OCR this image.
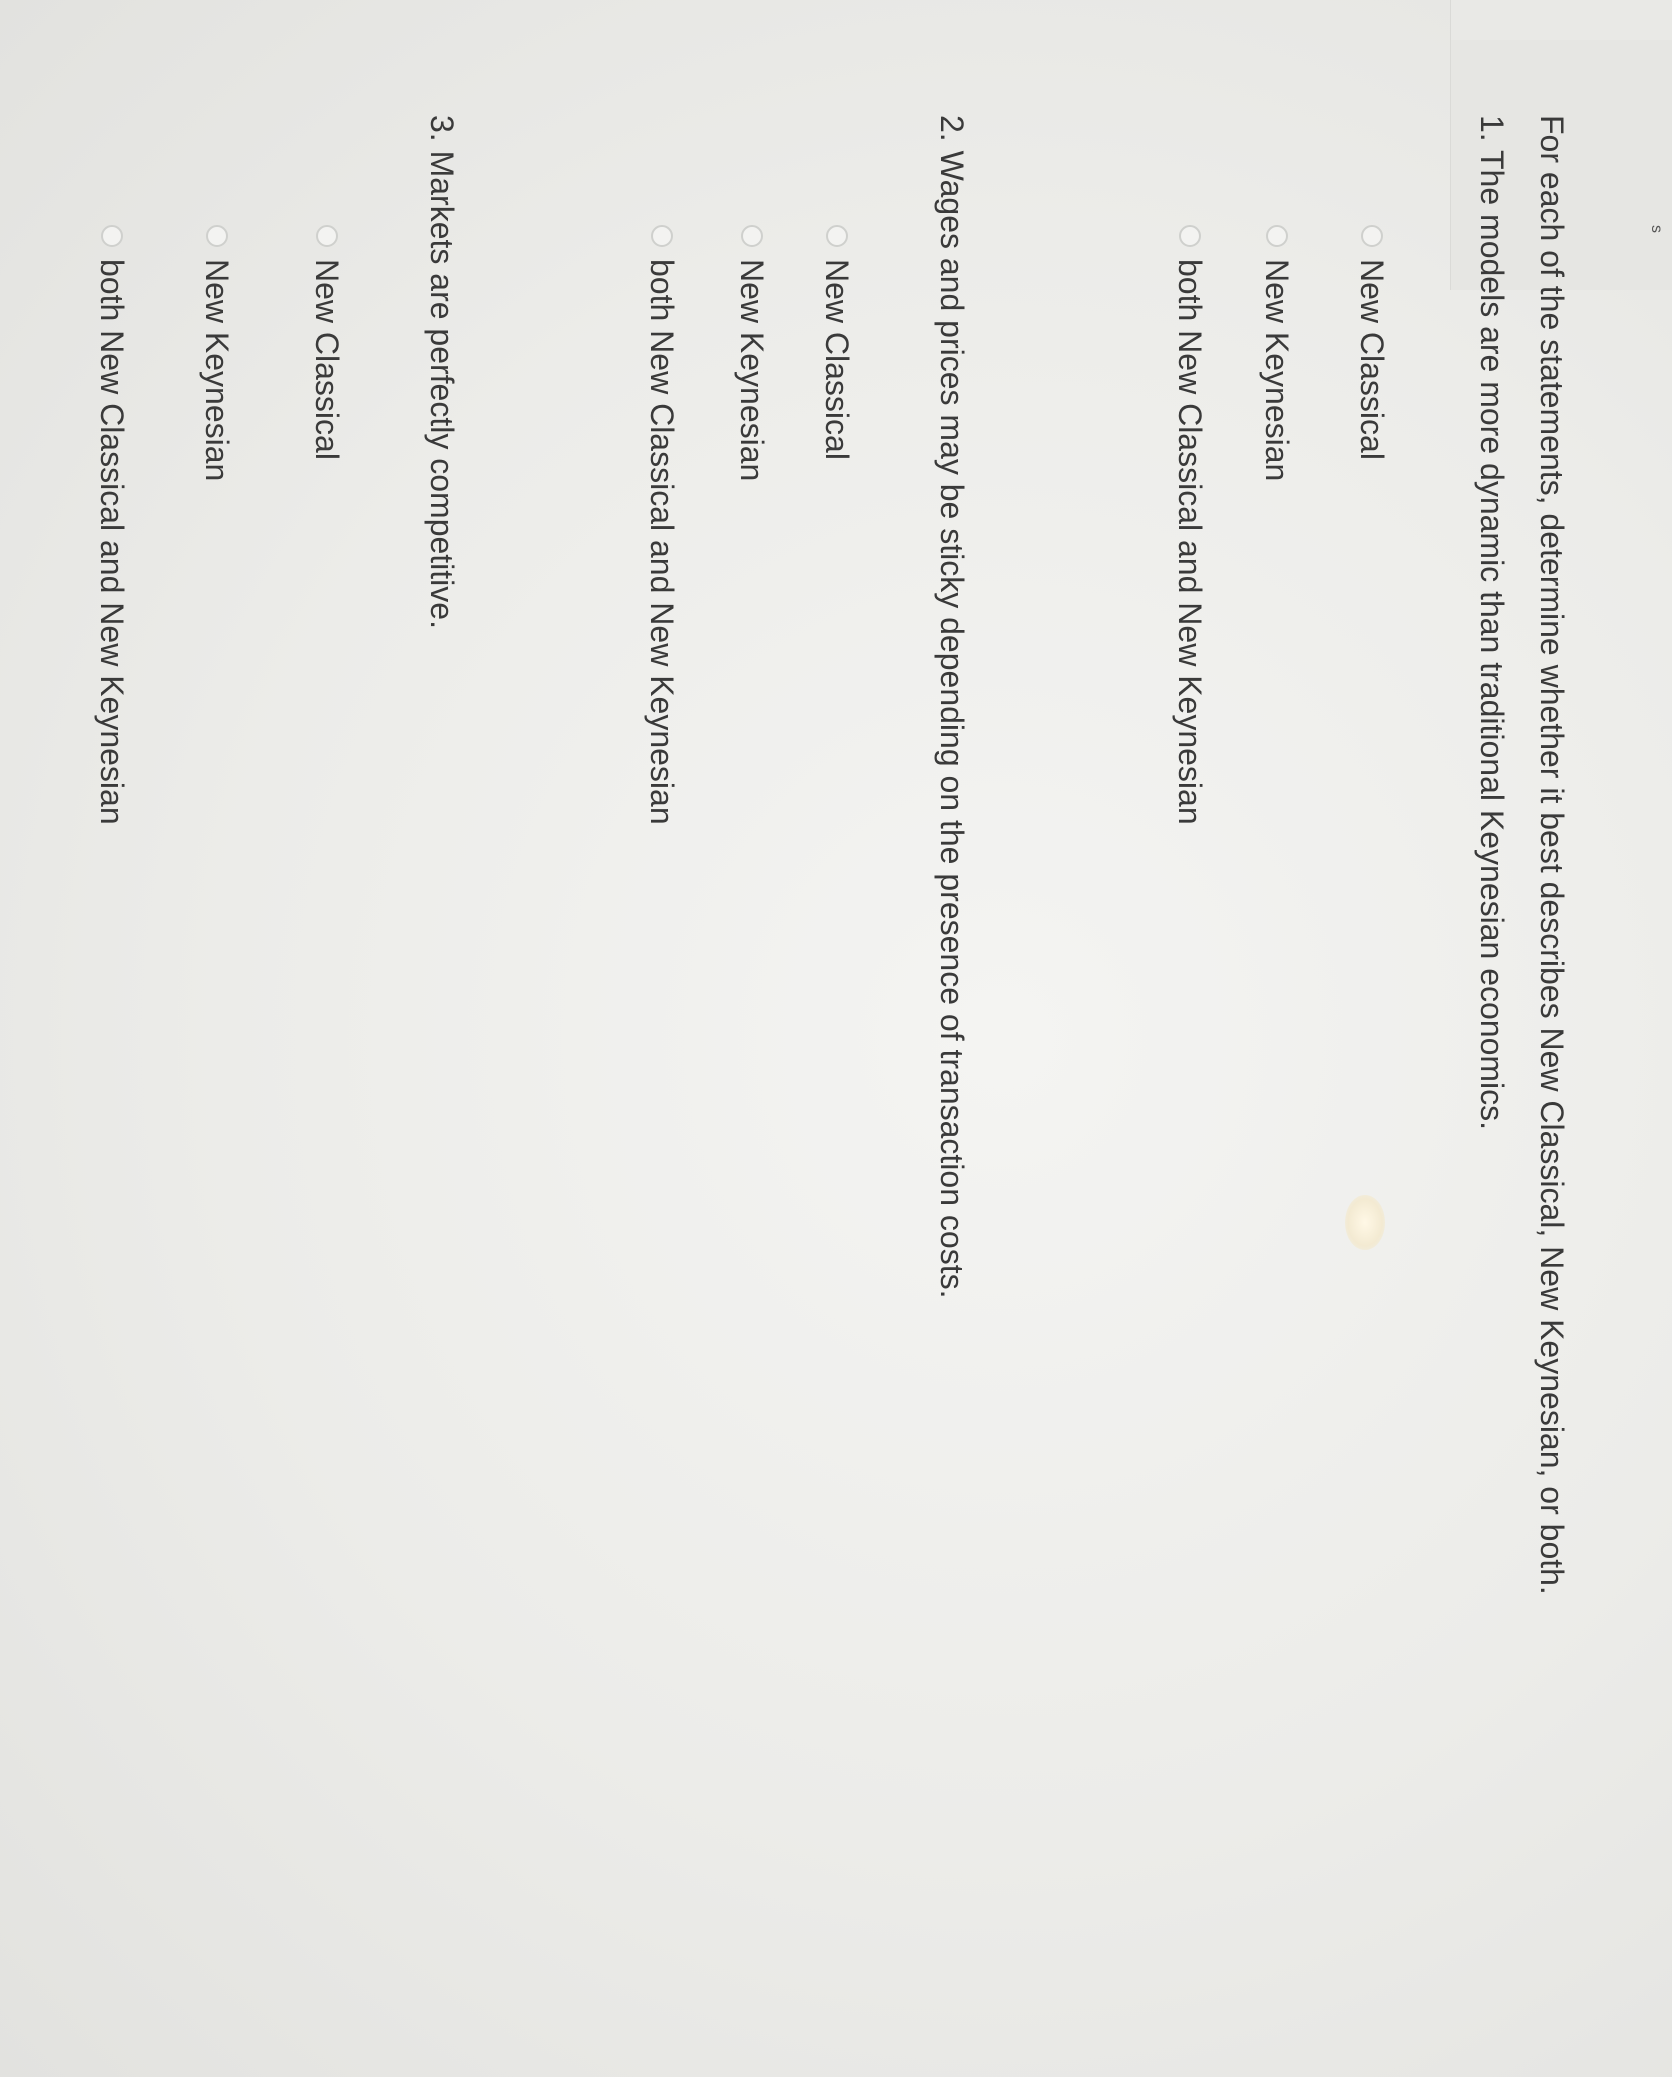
s
For each of the statements, determine whether it best describes New Classical, New Keynesian, or both.
1. The models are more dynamic than traditional Keynesian economics.
New Classical
New Keynesian
both New Classical and New Keynesian
2. Wages and prices may be sticky depending on the presence of transaction costs.
New Classical
New Keynesian
both New Classical and New Keynesian
3. Markets are perfectly competitive.
New Classical
New Keynesian
both New Classical and New Keynesian
